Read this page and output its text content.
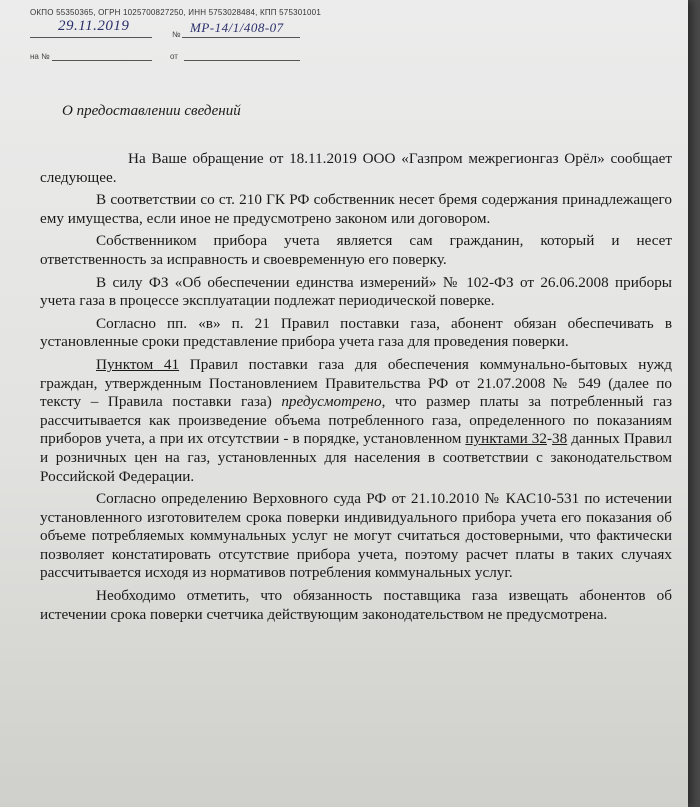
ОКПО 55350365, ОГРН 1025700827250, ИНН 5753028484, КПП 575301001
29.11.2019
№ МР-14/1/408-07
на №	от
О предоставлении сведений

На Ваше обращение от 18.11.2019 ООО «Газпром межрегионгаз Орёл» сообщает следующее.

В соответствии со ст. 210 ГК РФ собственник несет бремя содержания принадлежащего ему имущества, если иное не предусмотрено законом или договором.

Собственником прибора учета является сам гражданин, который и несет ответственность за исправность и своевременную его поверку.

В силу ФЗ «Об обеспечении единства измерений» № 102-ФЗ от 26.06.2008 приборы учета газа в процессе эксплуатации подлежат периодической поверке.

Согласно пп. «в» п. 21 Правил поставки газа, абонент обязан обеспечивать в установленные сроки представление прибора учета газа для проведения поверки.

Пунктом 41 Правил поставки газа для обеспечения коммунально-бытовых нужд граждан, утвержденным Постановлением Правительства РФ от 21.07.2008 № 549 (далее по тексту – Правила поставки газа) предусмотрено, что размер платы за потребленный газ рассчитывается как произведение объема потребленного газа, определенного по показаниям приборов учета, а при их отсутствии - в порядке, установленном пунктами 32-38 данных Правил и розничных цен на газ, установленных для населения в соответствии с законодательством Российской Федерации.

Согласно определению Верховного суда РФ от 21.10.2010 № КАС10-531 по истечении установленного изготовителем срока поверки индивидуального прибора учета его показания об объеме потребляемых коммунальных услуг не могут считаться достоверными, что фактически позволяет констатировать отсутствие прибора учета, поэтому расчет платы в таких случаях рассчитывается исходя из нормативов потребления коммунальных услуг.

Необходимо отметить, что обязанность поставщика газа извещать абонентов об истечении срока поверки счетчика действующим законодательством не предусмотрена.
